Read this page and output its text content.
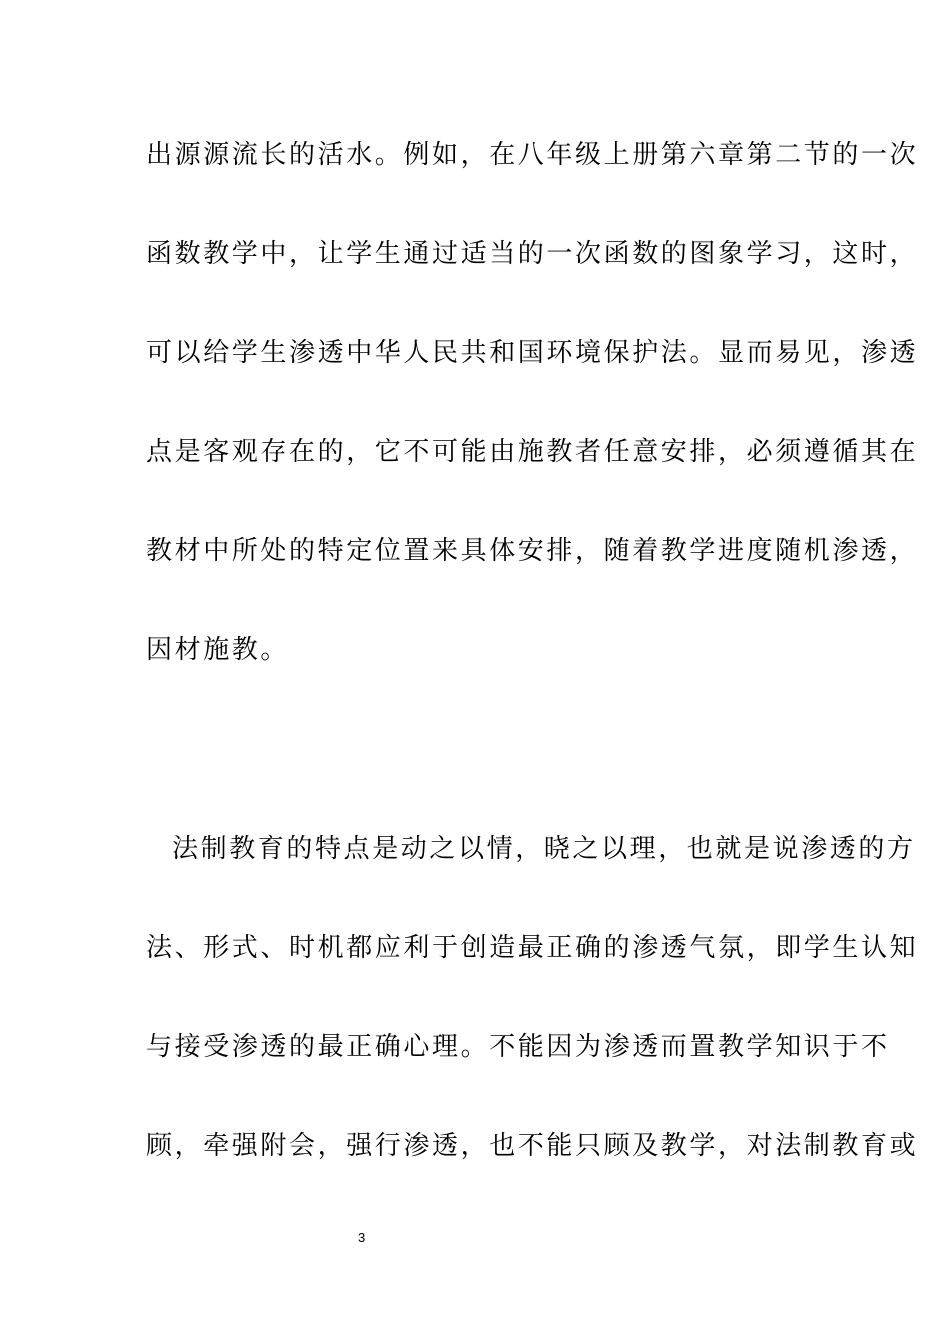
出源源流长的活水。例如，在八年级上册第六章第二节的一次
函数教学中，让学生通过适当的一次函数的图象学习，这时，
可以给学生渗透中华人民共和国环境保护法。显而易见，渗透
点是客观存在的，它不可能由施教者任意安排，必须遵循其在
教材中所处的特定位置来具体安排，随着教学进度随机渗透，
因材施教。
法制教育的特点是动之以情，晓之以理，也就是说渗透的方
法、形式、时机都应利于创造最正确的渗透气氛，即学生认知
与接受渗透的最正确心理。不能因为渗透而置教学知识于不
顾，牵强附会，强行渗透，也不能只顾及教学，对法制教育或
3
